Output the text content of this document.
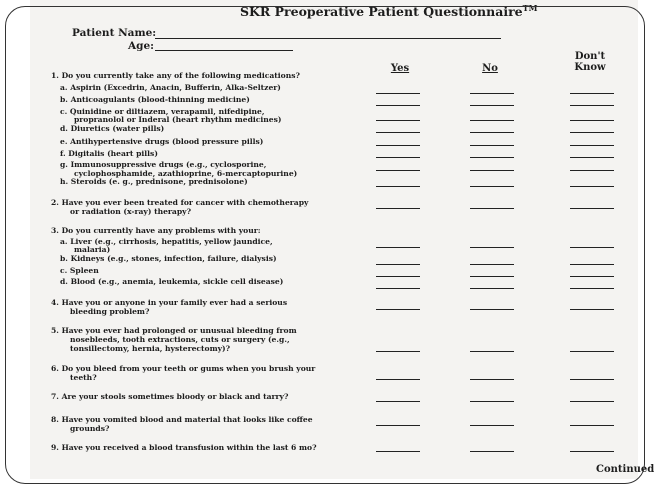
SKR Preoperative Patient Questionnaire™
Patient Name:
Age:
Yes	No
Don't
Know
1. Do you currently take any of the following medications?
a. Aspirin (Excedrin, Anacin, Bufferin, Alka-Seltzer)
b. Anticoagulants (blood-thinning medicine)
c. Quinidine or diltiazem, verapamil, nifedipine,
propranolol or Inderal (heart rhythm medicines)
d. Diuretics (water pills)
e. Antihypertensive drugs (blood pressure pills)
f. Digitalis (heart pills)
g. Immunosuppressive drugs (e.g., cyclosporine,
cyclophosphamide, azathioprine, 6-mercaptopurine)
h. Steroids (e. g., prednisone, prednisolone)
2. Have you ever been treated for cancer with chemotherapy
or radiation (x-ray) therapy?
3. Do you currently have any problems with your:
a. Liver (e.g., cirrhosis, hepatitis, yellow jaundice,
malaria)
b. Kidneys (e.g., stones, infection, failure, dialysis)
c. Spleen
d. Blood (e.g., anemia, leukemia, sickle cell disease)
4. Have you or anyone in your family ever had a serious
bleeding problem?
5. Have you ever had prolonged or unusual bleeding from
nosebleeds, tooth extractions, cuts or surgery (e.g.,
tonsillectomy, hernia, hysterectomy)?
6. Do you bleed from your teeth or gums when you brush your
teeth?
7. Are your stools sometimes bloody or black and tarry?
8. Have you vomited blood and material that looks like coffee
grounds?
9. Have you received a blood transfusion within the last 6 mo?
Continued
